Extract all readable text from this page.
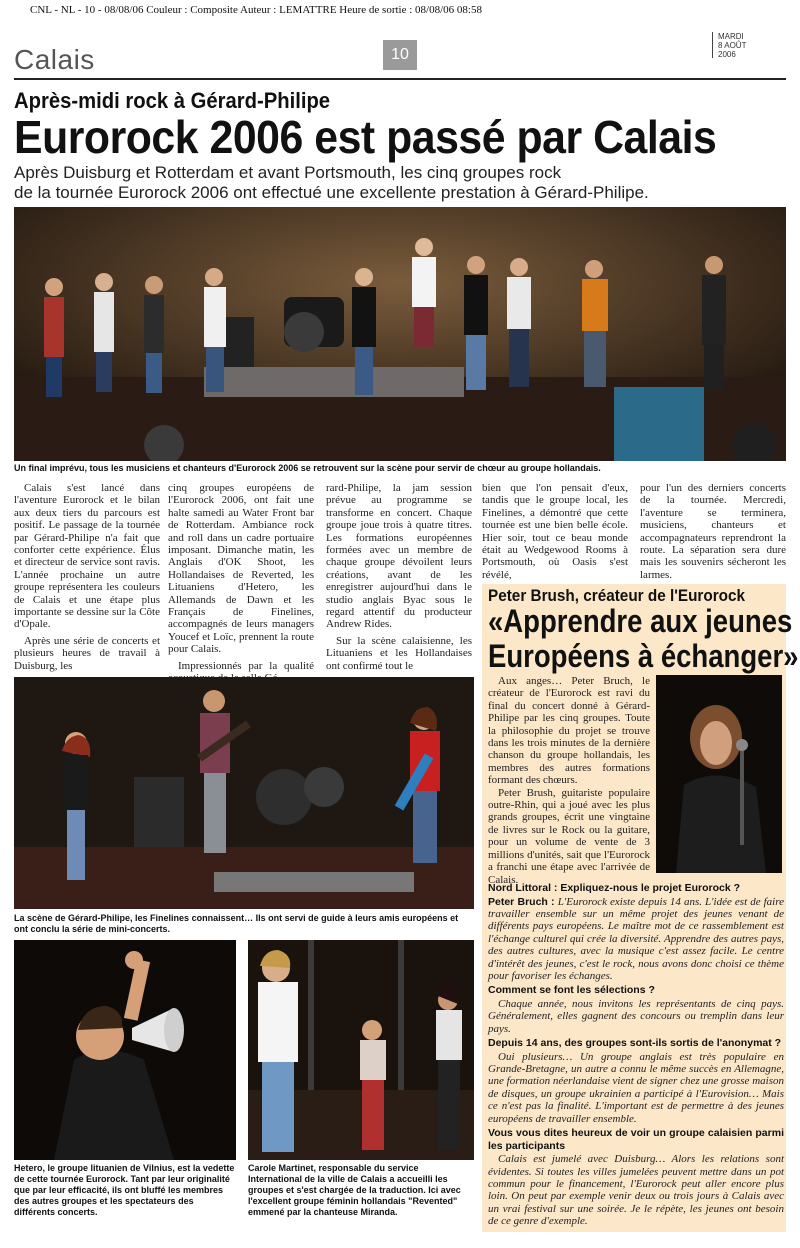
CNL - NL - 10 - 08/08/06 Couleur : Composite Auteur : LEMATTRE Heure de sortie : 08/08/06 08:58
Calais	10
MARDI
8 AOÛT
2006
Après-midi rock à Gérard-Philipe
Eurorock 2006 est passé par Calais
Après Duisburg et Rotterdam et avant Portsmouth, les cinq groupes rock
de la tournée Eurorock 2006 ont effectué une excellente prestation à Gérard-Philipe.
Un final imprévu, tous les musiciens et chanteurs d'Eurorock 2006 se retrouvent sur la scène pour servir de chœur au groupe hollandais.

Calais s'est lancé dans l'aventure Eurorock et le bilan aux deux tiers du parcours est positif. Le passage de la tournée par Gérard-Philipe n'a fait que conforter cette expérience. Élus et directeur de service sont ravis. L'année prochaine un autre groupe représentera les couleurs de Calais et une étape plus importante se dessine sur la Côte d'Opale.

Après une série de concerts et plusieurs heures de travail à Duisburg, les

cinq groupes européens de l'Eurorock 2006, ont fait une halte samedi au Water Front bar de Rotterdam. Ambiance rock and roll dans un cadre portuaire imposant. Dimanche matin, les Anglais d'OK Shoot, les Hollandaises de Reverted, les Lituaniens d'Hetero, les Allemands de Dawn et les Français de Finelines, accompagnés de leurs managers Youcef et Loïc, prennent la route pour Calais.

Impressionnés par la qualité

rard-Philipe, la jam session prévue au programme se transforme en concert. Chaque groupe joue trois à quatre titres. Les formations européennes formées avec un membre de chaque groupe dévoilent leurs créations, avant de les enregistrer aujourd'hui dans le studio anglais Byac sous le regard attentif du producteur Andrew Rides.

Sur la scène calaisienne, les Lituaniens et les Hollandaises ont confirmé tout le

bien que l'on pensait d'eux, tandis que le groupe local, les Finelines, a démontré que cette tournée est une bien belle école. Hier soir, tout ce beau monde était au Wedgewood Rooms à Portsmouth, où Oasis s'est révélé,

pour l'un des derniers concerts de la tournée. Mercredi, l'aventure se terminera, musiciens, chanteurs et accompagnateurs reprendront la route. La séparation sera dure mais les souvenirs sécheront les larmes.

La scène de Gérard-Philipe, les Finelines connaissent… Ils ont servi de guide à leurs amis européens et ont conclu la série de mini-concerts.
Hetero, le groupe lituanien de Vilnius, est la vedette de cette tournée Eurorock. Tant par leur originalité que par leur efficacité, ils ont bluffé les membres des autres groupes et les spectateurs des différents concerts.
Carole Martinet, responsable du service International de la ville de Calais a accueilli les groupes et s'est chargée de la traduction. Ici avec l'excellent groupe féminin hollandais "Revented" emmené par la chanteuse Miranda.
Peter Brush, créateur de l'Eurorock
«Apprendre aux jeunes
Européens à échanger»

Aux anges… Peter Bruch, le créateur de l'Eurorock est ravi du final du concert donné à Gérard-Philipe par les cinq groupes. Toute la philosophie du projet se trouve dans les trois minutes de la dernière chanson du groupe hollandais, les membres des autres formations formant des chœurs.

Peter Brush, guitariste populaire outre-Rhin, qui a joué avec les plus grands groupes, écrit une vingtaine de livres sur le Rock ou la guitare, pour un volume de vente de 3 millions d'unités, sait que l'Eurorock a franchi une étape avec l'arrivée de Calais.

Nord Littoral : Expliquez-nous le projet Eurorock ?

Peter Bruch : L'Eurorock existe depuis 14 ans. L'idée est de faire travailler ensemble sur un même projet des jeunes venant de différents pays européens. Le maître mot de ce rassemblement est l'échange culturel qui crée la diversité. Apprendre des autres pays, des autres cultures, avec la musique c'est assez facile. Le centre d'intérêt des jeunes, c'est le rock, nous avons donc choisi ce thème pour favoriser les échanges.

Comment se font les sélections ?

Chaque année, nous invitons les représentants de cinq pays. Généralement, elles gagnent des concours ou tremplin dans leur pays.

Depuis 14 ans, des groupes sont-ils sortis de l'anonymat ?

Oui plusieurs… Un groupe anglais est très populaire en Grande-Bretagne, un autre a connu le même succès en Allemagne, une formation néerlandaise vient de signer chez une grosse maison de disques, un groupe ukrainien a participé à l'Eurovision… Mais ce n'est pas la finalité. L'important est de permettre à des jeunes européens de travailler ensemble.

Vous vous dites heureux de voir un groupe calaisien parmi les participants

Calais est jumelé avec Duisburg… Alors les relations sont évidentes. Si toutes les villes jumelées peuvent mettre dans un pot commun pour le financement, l'Eurorock peut aller encore plus loin. On peut par exemple venir deux ou trois jours à Calais avec un vrai festival sur une soirée. Je le répète, les jeunes ont besoin de ce genre d'exemple.
